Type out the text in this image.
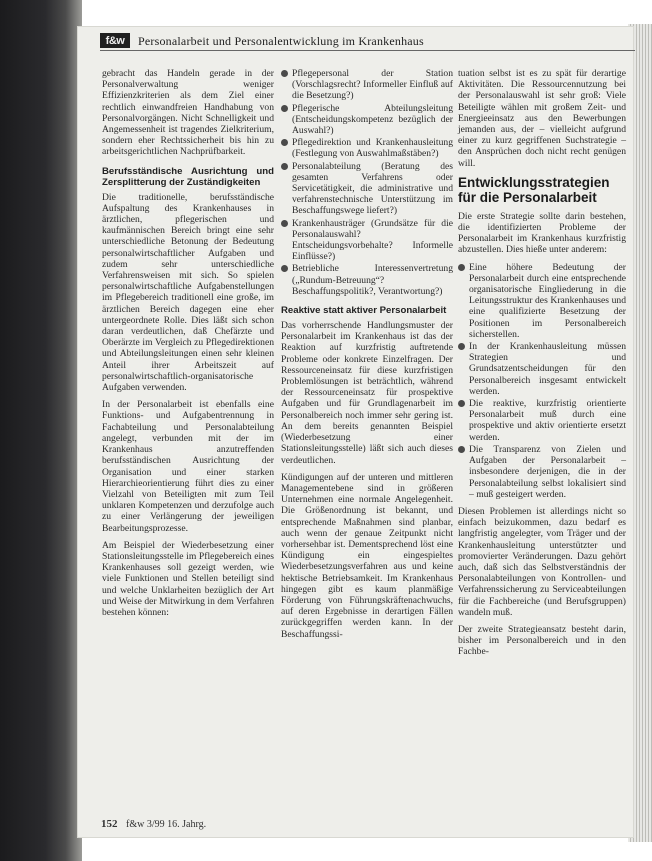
f&w	Personalarbeit und Personalentwicklung im Krankenhaus

gebracht das Handeln gerade in der Personalverwaltung weniger Effizienzkriterien als dem Ziel einer rechtlich einwandfreien Handhabung von Personalvorgängen. Nicht Schnelligkeit und Angemessenheit ist tragendes Zielkriterium, sondern eher Rechtssicherheit bis hin zu arbeitsgerichtlichen Nachprüfbarkeit.

Berufsständische Ausrichtung und Zersplitterung der Zuständigkeiten

Die traditionelle, berufsständische Aufspaltung des Krankenhauses in ärztlichen, pflegerischen und kaufmännischen Bereich bringt eine sehr unterschiedliche Betonung der Bedeutung personalwirtschaftlicher Aufgaben und zudem sehr unterschiedliche Verfahrensweisen mit sich. So spielen personalwirtschaftliche Aufgabenstellungen im Pflegebereich traditionell eine große, im ärztlichen Bereich dagegen eine eher untergeordnete Rolle. Dies läßt sich schon daran verdeutlichen, daß Chefärzte und Oberärzte im Vergleich zu Pflegedirektionen und Abteilungsleitungen einen sehr kleinen Anteil ihrer Arbeitszeit auf personalwirtschaftlich-organisatorische Aufgaben verwenden.

In der Personalarbeit ist ebenfalls eine Funktions- und Aufgabentrennung in Fachabteilung und Personalabteilung angelegt, verbunden mit der im Krankenhaus anzutreffenden berufsständischen Ausrichtung der Organisation und einer starken Hierarchieorientierung führt dies zu einer Vielzahl von Beteiligten mit zum Teil unklaren Kompetenzen und derzufolge auch zu einer Verlängerung der jeweiligen Bearbeitungsprozesse.

Am Beispiel der Wiederbesetzung einer Stationsleitungsstelle im Pflegebereich eines Krankenhauses soll gezeigt werden, wie viele Funktionen und Stellen beteiligt sind und welche Unklarheiten bezüglich der Art und Weise der Mitwirkung in dem Verfahren bestehen können:

Pflegepersonal der Station (Vorschlagsrecht? Informeller Einfluß auf die Besetzung?)
Pflegerische Abteilungsleitung (Entscheidungskompetenz bezüglich der Auswahl?)
Pflegedirektion und Krankenhausleitung (Festlegung von Auswahlmaßstäben?)
Personalabteilung (Beratung des gesamten Verfahrens oder Servicetätigkeit, die administrative und verfahrenstechnische Unterstützung im Beschaffungswege liefert?)
Krankenhausträger (Grundsätze für die Personalauswahl? Entscheidungsvorbehalte? Informelle Einflüsse?)
Betriebliche Interessenvertretung („Rundum-Betreuung“? Beschaffungspolitik?, Verantwortung?)
Reaktive statt aktiver Personalarbeit

Das vorherrschende Handlungsmuster der Personalarbeit im Krankenhaus ist das der Reaktion auf kurzfristig auftretende Probleme oder konkrete Einzelfragen. Der Ressourceneinsatz für diese kurzfristigen Problemlösungen ist beträchtlich, während der Ressourceneinsatz für prospektive Aufgaben und für Grundlagenarbeit im Personalbereich noch immer sehr gering ist. An dem bereits genannten Beispiel (Wiederbesetzung einer Stationsleitungsstelle) läßt sich auch dieses verdeutlichen.

Kündigungen auf der unteren und mittleren Managementebene sind in größeren Unternehmen eine normale Angelegenheit. Die Größenordnung ist bekannt, und entsprechende Maßnahmen sind planbar, auch wenn der genaue Zeitpunkt nicht vorhersehbar ist. Dementsprechend löst eine Kündigung ein eingespieltes Wiederbesetzungsverfahren aus und keine hektische Betriebsamkeit. Im Krankenhaus hingegen gibt es kaum planmäßige Förderung von Führungskräftenachwuchs, auf deren Ergebnisse in derartigen Fällen zurückgegriffen werden kann. In der Beschaffungssi-

tuation selbst ist es zu spät für derartige Aktivitäten. Die Ressourcennutzung bei der Personalauswahl ist sehr groß: Viele Beteiligte wählen mit großem Zeit- und Energieeinsatz aus den Bewerbungen jemanden aus, der – vielleicht aufgrund einer zu kurz gegriffenen Suchstrategie – den Ansprüchen doch nicht recht genügen will.

Entwicklungsstrategien für die Personalarbeit

Die erste Strategie sollte darin bestehen, die identifizierten Probleme der Personalarbeit im Krankenhaus kurzfristig abzustellen. Dies hieße unter anderem:

Eine höhere Bedeutung der Personalarbeit durch eine entsprechende organisatorische Eingliederung in die Leitungsstruktur des Krankenhauses und eine qualifizierte Besetzung der Positionen im Personalbereich sicherstellen.
In der Krankenhausleitung müssen Strategien und Grundsatzentscheidungen für den Personalbereich insgesamt entwickelt werden.
Die reaktive, kurzfristig orientierte Personalarbeit muß durch eine prospektive und aktiv orientierte ersetzt werden.
Die Transparenz von Zielen und Aufgaben der Personalarbeit – insbesondere derjenigen, die in der Personalabteilung selbst lokalisiert sind – muß gesteigert werden.

Diesen Problemen ist allerdings nicht so einfach beizukommen, dazu bedarf es langfristig angelegter, vom Träger und der Krankenhausleitung unterstützter und promovierter Veränderungen. Dazu gehört auch, daß sich das Selbstverständnis der Personalabteilungen von Kontrollen- und Verfahrenssicherung zu Serviceabteilungen für die Fachbereiche (und Berufsgruppen) wandeln muß.

Der zweite Strategieansatz besteht darin, bisher im Personalbereich und in den Fachbe-

152 f&w 3/99 16. Jahrg.
